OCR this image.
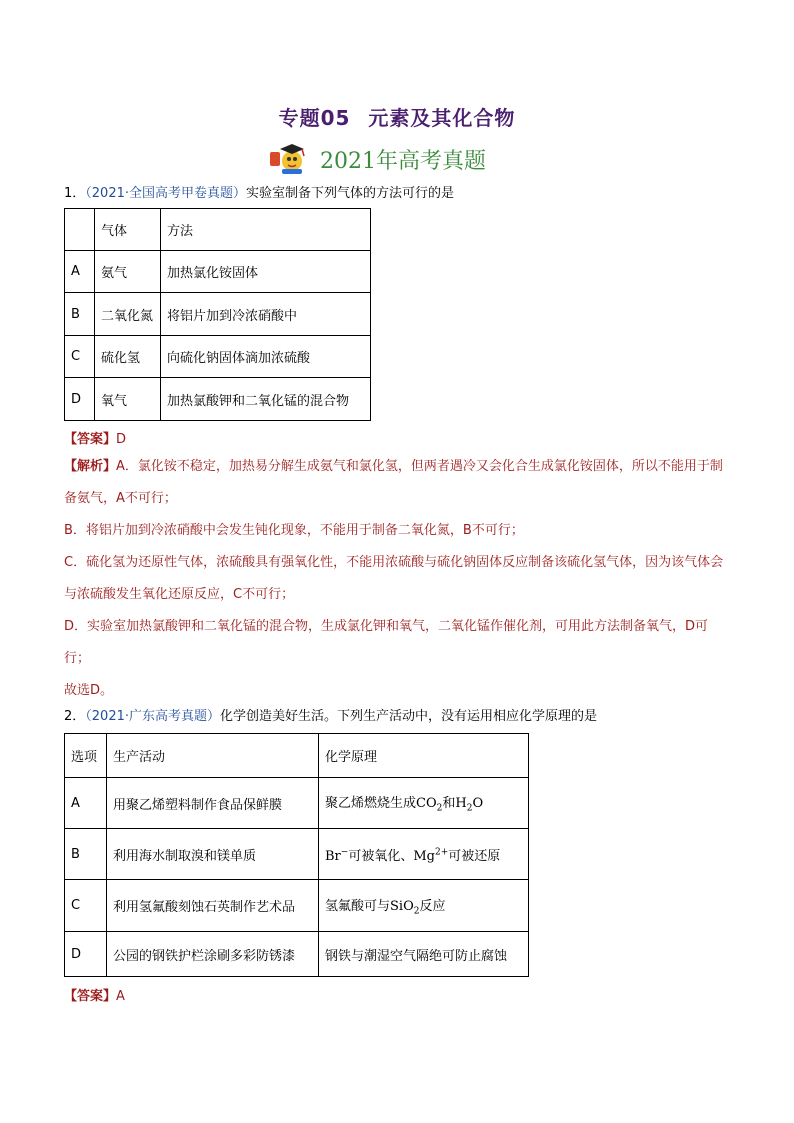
专题05 元素及其化合物
2021年高考真题
1．（2021·全国高考甲卷真题）实验室制备下列气体的方法可行的是
	气体	方法
A	氨气	加热氯化铵固体
B	二氧化氮	将铝片加到冷浓硝酸中
C	硫化氢	向硫化钠固体滴加浓硫酸
D	氧气	加热氯酸钾和二氧化锰的混合物
【答案】D
【解析】A．氯化铵不稳定，加热易分解生成氨气和氯化氢，但两者遇冷又会化合生成氯化铵固体，所以不能用于制备氨气，A不可行；
B．将铝片加到冷浓硝酸中会发生钝化现象，不能用于制备二氧化氮，B不可行；
C．硫化氢为还原性气体，浓硫酸具有强氧化性，不能用浓硫酸与硫化钠固体反应制备该硫化氢气体，因为该气体会与浓硫酸发生氧化还原反应，C不可行；
D．实验室加热氯酸钾和二氧化锰的混合物，生成氯化钾和氧气，二氧化锰作催化剂，可用此方法制备氧气，D可行；
故选D。
2．（2021·广东高考真题）化学创造美好生活。下列生产活动中，没有运用相应化学原理的是
选项	生产活动	化学原理
A	用聚乙烯塑料制作食品保鲜膜	聚乙烯燃烧生成$CO_2$和$H_2O$
B	利用海水制取溴和镁单质	Br−可被氧化、$Mg^{2+}$可被还原
C	利用氢氟酸刻蚀石英制作艺术品	氢氟酸可与SiO$_2$反应
D	公园的钢铁护栏涂刷多彩防锈漆	钢铁与潮湿空气隔绝可防止腐蚀
【答案】A
